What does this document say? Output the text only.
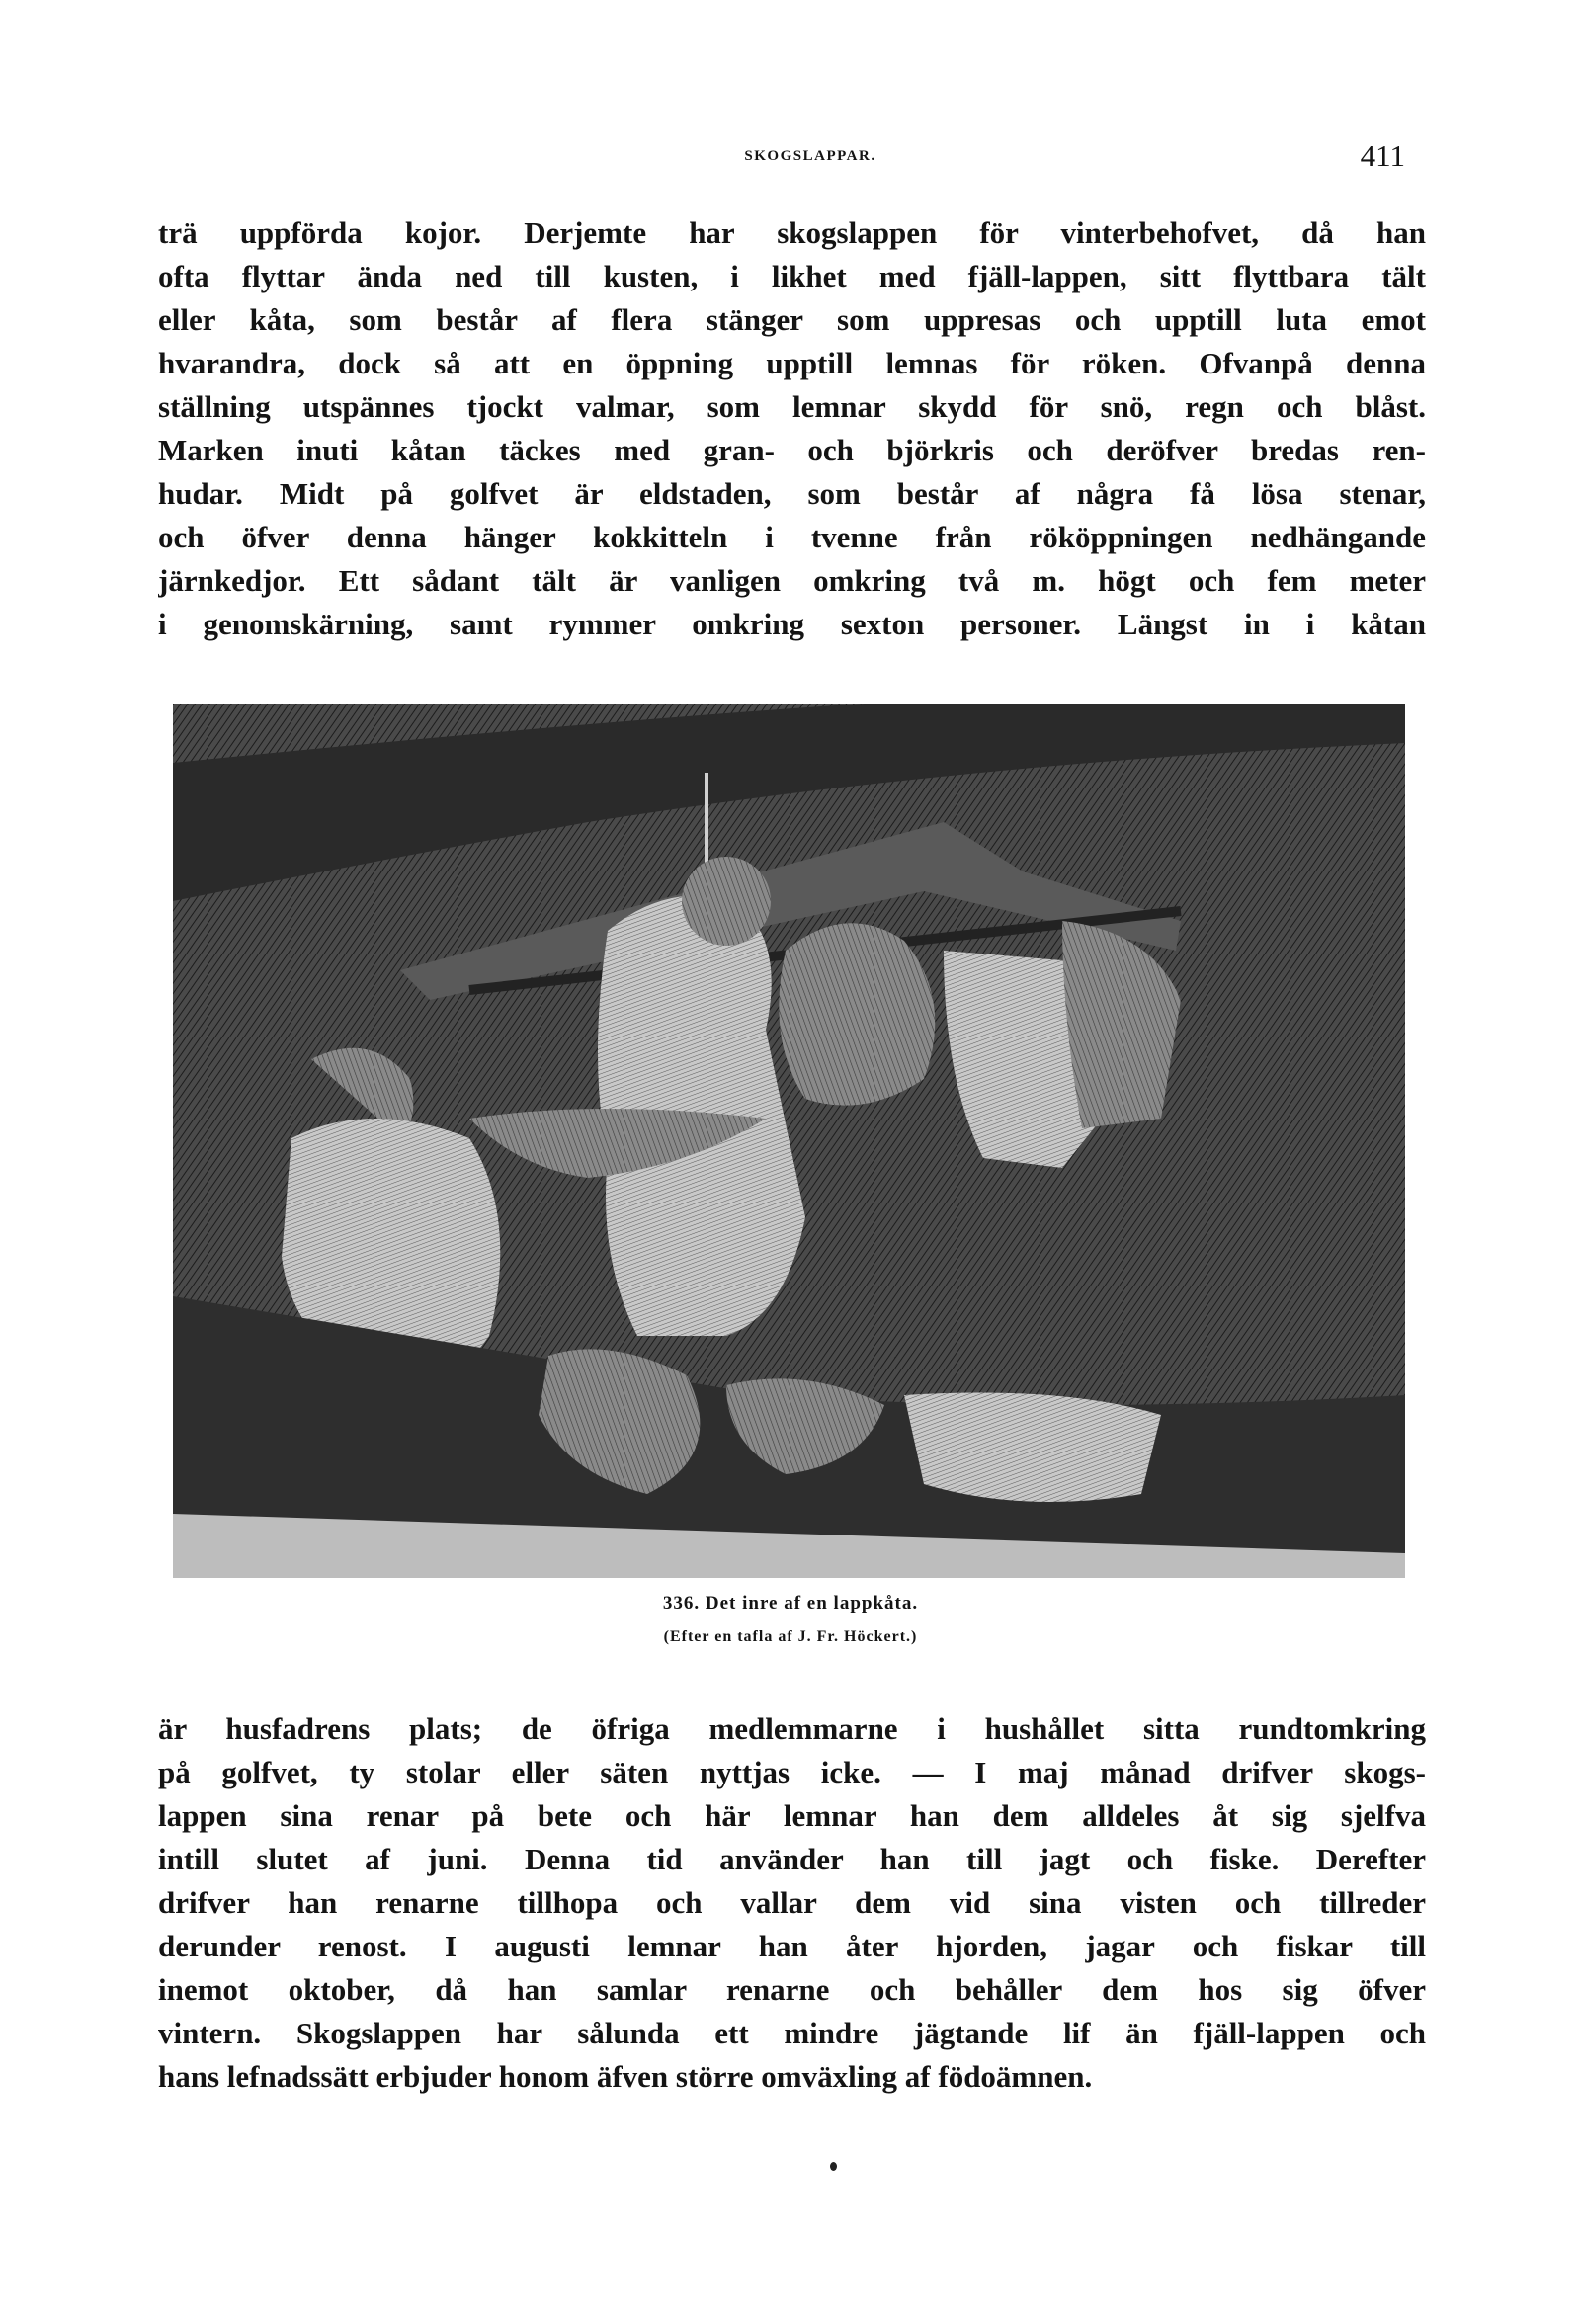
SKOGSLAPPAR.	411
trä uppförda kojor. Derjemte har skogslappen för vinterbehofvet, då han
ofta flyttar ända ned till kusten, i likhet med fjäll-lappen, sitt flyttbara tält
eller kåta, som består af flera stänger som uppresas och upptill luta emot
hvarandra, dock så att en öppning upptill lemnas för röken. Ofvanpå denna
ställning utspännes tjockt valmar, som lemnar skydd för snö, regn och blåst.
Marken inuti kåtan täckes med gran- och björkris och deröfver bredas ren-
hudar. Midt på golfvet är eldstaden, som består af några få lösa stenar,
och öfver denna hänger kokkitteln i tvenne från rököppningen nedhängande
järnkedjor. Ett sådant tält är vanligen omkring två m. högt och fem meter
i genomskärning, samt rymmer omkring sexton personer. Längst in i kåtan
336. Det inre af en lappkåta.
(Efter en tafla af J. Fr. Höckert.)
är husfadrens plats; de öfriga medlemmarne i hushållet sitta rundtomkring
på golfvet, ty stolar eller säten nyttjas icke. — I maj månad drifver skogs-
lappen sina renar på bete och här lemnar han dem alldeles åt sig sjelfva
intill slutet af juni. Denna tid använder han till jagt och fiske. Derefter
drifver han renarne tillhopa och vallar dem vid sina visten och tillreder
derunder renost. I augusti lemnar han åter hjorden, jagar och fiskar till
inemot oktober, då han samlar renarne och behåller dem hos sig öfver
vintern. Skogslappen har sålunda ett mindre jägtande lif än fjäll-lappen och
hans lefnadssätt erbjuder honom äfven större omväxling af födoämnen.
